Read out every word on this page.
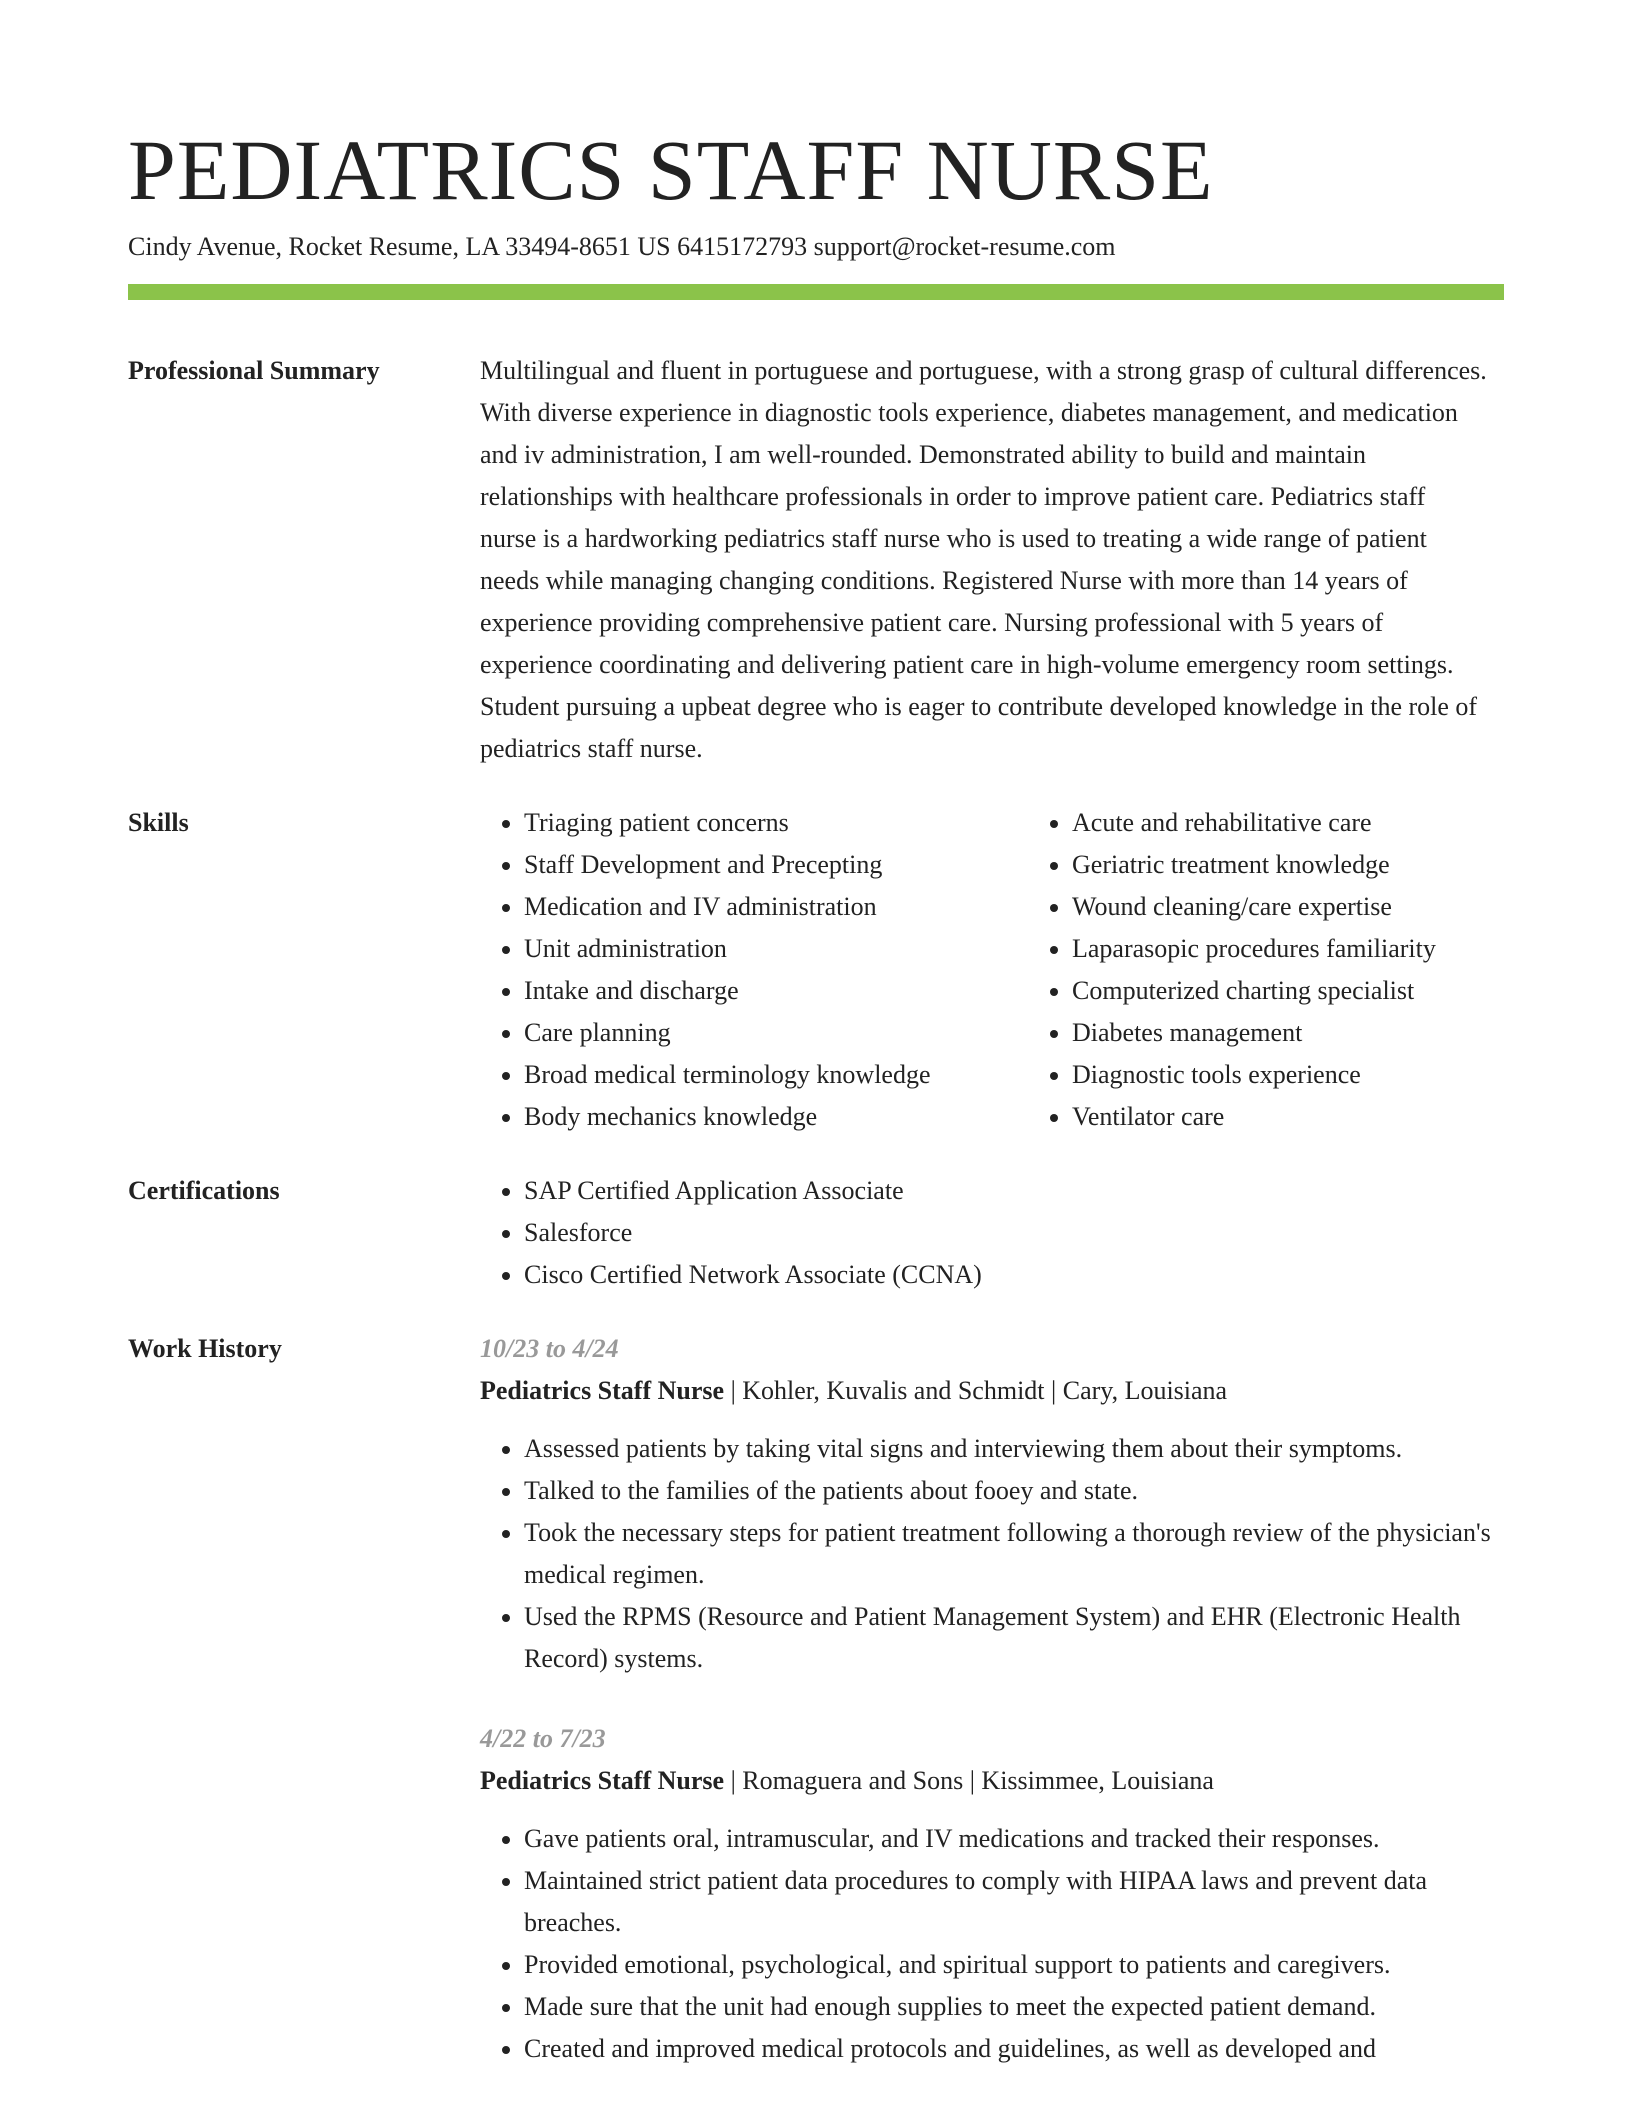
PEDIATRICS STAFF NURSE
Cindy Avenue, Rocket Resume, LA 33494-8651 US 6415172793 support@rocket-resume.com
Professional Summary	Multilingual and fluent in portuguese and portuguese, with a strong grasp of cultural differences. With diverse experience in diagnostic tools experience, diabetes management, and medication and iv administration, I am well-rounded. Demonstrated ability to build and maintain relationships with healthcare professionals in order to improve patient care. Pediatrics staff nurse is a hardworking pediatrics staff nurse who is used to treating a wide range of patient needs while managing changing conditions. Registered Nurse with more than 14 years of experience providing comprehensive patient care. Nursing professional with 5 years of experience coordinating and delivering patient care in high-volume emergency room settings. Student pursuing a upbeat degree who is eager to contribute developed knowledge in the role of pediatrics staff nurse.
Skills	• Triaging patient concerns
• Staff Development and Precepting
• Medication and IV administration
• Unit administration
• Intake and discharge
• Care planning
• Broad medical terminology knowledge
• Body mechanics knowledge
• Acute and rehabilitative care
• Geriatric treatment knowledge
• Wound cleaning/care expertise
• Laparasopic procedures familiarity
• Computerized charting specialist
• Diabetes management
• Diagnostic tools experience
• Ventilator care
Certifications	• SAP Certified Application Associate
• Salesforce
• Cisco Certified Network Associate (CCNA)
Work History	10/23 to 4/24
Pediatrics Staff Nurse | Kohler, Kuvalis and Schmidt | Cary, Louisiana
• Assessed patients by taking vital signs and interviewing them about their symptoms.
• Talked to the families of the patients about fooey and state.
• Took the necessary steps for patient treatment following a thorough review of the physician's medical regimen.
• Used the RPMS (Resource and Patient Management System) and EHR (Electronic Health Record) systems.
4/22 to 7/23
Pediatrics Staff Nurse | Romaguera and Sons | Kissimmee, Louisiana
• Gave patients oral, intramuscular, and IV medications and tracked their responses.
• Maintained strict patient data procedures to comply with HIPAA laws and prevent data breaches.
• Provided emotional, psychological, and spiritual support to patients and caregivers.
• Made sure that the unit had enough supplies to meet the expected patient demand.
• Created and improved medical protocols and guidelines, as well as developed and
